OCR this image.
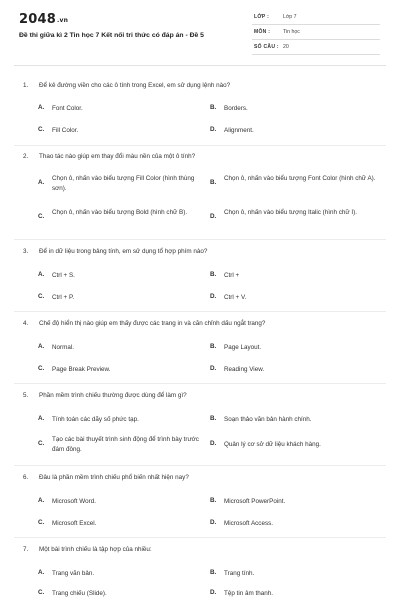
2048.vn
Đề thi giữa kì 2 Tin học 7 Kết nối tri thức có đáp án - Đề 5
LỚP :	Lớp 7
MÔN : Tin học
SỐ CÂU : 20
1. Để kẻ đường viền cho các ô tính trong Excel, em sử dụng lệnh nào?
A. Font Color.	B. Borders.
C. Fill Color.	D. Alignment.
2. Thao tác nào giúp em thay đổi màu nền của một ô tính?
A.
Chọn ô, nhấn vào biểu tượng Fill Color (hình thùng sơn).
B.
Chọn ô, nhấn vào biểu tượng Font Color (hình chữ A).
C.
Chọn ô, nhấn vào biểu tượng Bold (hình chữ B).
D.
Chọn ô, nhấn vào biểu tượng Italic (hình chữ I).
3. Để in dữ liệu trong bảng tính, em sử dụng tổ hợp phím nào?
A. Ctrl + S.	B. Ctrl +
C. Ctrl + P.	D. Ctrl + V.
4. Chế độ hiển thị nào giúp em thấy được các trang in và căn chỉnh dấu ngắt trang?
A. Normal.	B. Page Layout.
C. Page Break Preview.	D. Reading View.
5. Phần mềm trình chiếu thường được dùng để làm gì?
A. Tính toán các dãy số phức tạp.	B. Soạn thảo văn bản hành chính.
C.
Tạo các bài thuyết trình sinh động để trình bày trước đám đông.
D. Quản lý cơ sở dữ liệu khách hàng.
6. Đâu là phần mềm trình chiếu phổ biến nhất hiện nay?
A. Microsoft Word.	B. Microsoft PowerPoint.
C. Microsoft Excel.	D. Microsoft Access.
7. Một bài trình chiếu là tập hợp của nhiều:
A. Trang văn bản.	B. Trang tính.
C. Trang chiếu (Slide).	D. Tệp tin âm thanh.
